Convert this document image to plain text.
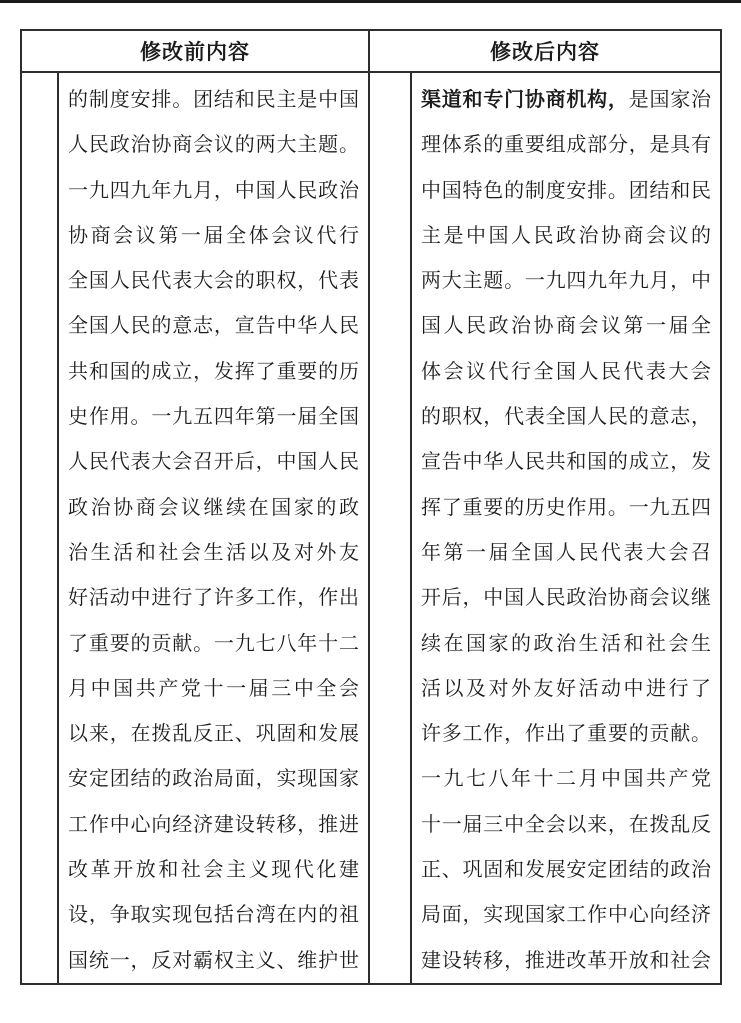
修改前内容	修改后内容
的制度安排。团结和民主是中国
人民政治协商会议的两大主题。
一九四九年九月，中国人民政治
协商会议第一届全体会议代行
全国人民代表大会的职权，代表
全国人民的意志，宣告中华人民
共和国的成立，发挥了重要的历
史作用。一九五四年第一届全国
人民代表大会召开后，中国人民
政治协商会议继续在国家的政
治生活和社会生活以及对外友
好活动中进行了许多工作，作出
了重要的贡献。一九七八年十二
月中国共产党十一届三中全会
以来，在拨乱反正、巩固和发展
安定团结的政治局面，实现国家
工作中心向经济建设转移，推进
改革开放和社会主义现代化建
设，争取实现包括台湾在内的祖
国统一，反对霸权主义、维护世
渠道和专门协商机构，是国家治
理体系的重要组成部分，是具有
中国特色的制度安排。团结和民
主是中国人民政治协商会议的
两大主题。一九四九年九月，中
国人民政治协商会议第一届全
体会议代行全国人民代表大会
的职权，代表全国人民的意志，
宣告中华人民共和国的成立，发
挥了重要的历史作用。一九五四
年第一届全国人民代表大会召
开后，中国人民政治协商会议继
续在国家的政治生活和社会生
活以及对外友好活动中进行了
许多工作，作出了重要的贡献。
一九七八年十二月中国共产党
十一届三中全会以来，在拨乱反
正、巩固和发展安定团结的政治
局面，实现国家工作中心向经济
建设转移，推进改革开放和社会
